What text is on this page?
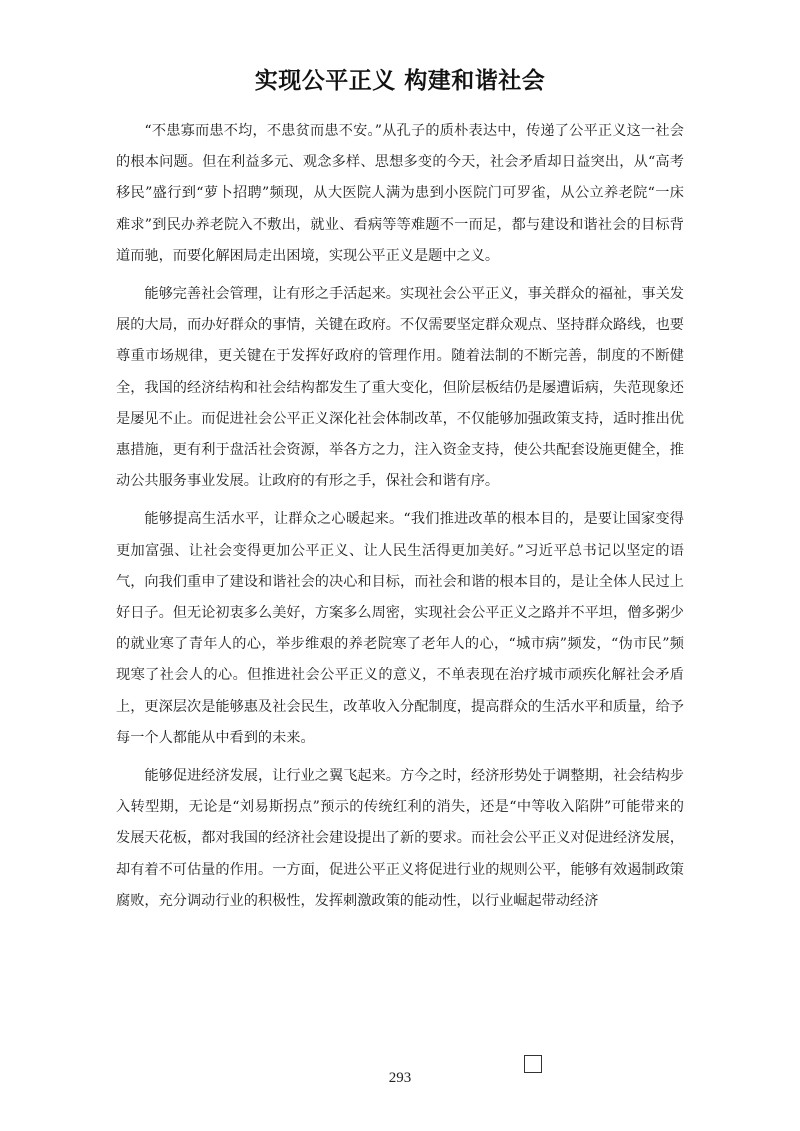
实现公平正义 构建和谐社会

“不患寡而患不均，不患贫而患不安。”从孔子的质朴表达中，传递了公平正义这一社会的根本问题。但在利益多元、观念多样、思想多变的今天，社会矛盾却日益突出，从“高考移民”盛行到“萝卜招聘”频现，从大医院人满为患到小医院门可罗雀，从公立养老院“一床难求”到民办养老院入不敷出，就业、看病等等难题不一而足，都与建设和谐社会的目标背道而驰，而要化解困局走出困境，实现公平正义是题中之义。

能够完善社会管理，让有形之手活起来。实现社会公平正义，事关群众的福祉，事关发展的大局，而办好群众的事情，关键在政府。不仅需要坚定群众观点、坚持群众路线，也要尊重市场规律，更关键在于发挥好政府的管理作用。随着法制的不断完善，制度的不断健全，我国的经济结构和社会结构都发生了重大变化，但阶层板结仍是屡遭诟病，失范现象还是屡见不止。而促进社会公平正义深化社会体制改革，不仅能够加强政策支持，适时推出优惠措施，更有利于盘活社会资源，举各方之力，注入资金支持，使公共配套设施更健全，推动公共服务事业发展。让政府的有形之手，保社会和谐有序。

能够提高生活水平，让群众之心暖起来。“我们推进改革的根本目的，是要让国家变得更加富强、让社会变得更加公平正义、让人民生活得更加美好。”习近平总书记以坚定的语气，向我们重申了建设和谐社会的决心和目标，而社会和谐的根本目的，是让全体人民过上好日子。但无论初衷多么美好，方案多么周密，实现社会公平正义之路并不平坦，僧多粥少的就业寒了青年人的心，举步维艰的养老院寒了老年人的心，“城市病”频发，“伪市民”频现寒了社会人的心。但推进社会公平正义的意义，不单表现在治疗城市顽疾化解社会矛盾上，更深层次是能够惠及社会民生，改革收入分配制度，提高群众的生活水平和质量，给予每一个人都能从中看到的未来。

能够促进经济发展，让行业之翼飞起来。方今之时，经济形势处于调整期，社会结构步入转型期，无论是“刘易斯拐点”预示的传统红利的消失，还是“中等收入陷阱”可能带来的发展天花板，都对我国的经济社会建设提出了新的要求。而社会公平正义对促进经济发展，却有着不可估量的作用。一方面，促进公平正义将促进行业的规则公平，能够有效遏制政策腐败，充分调动行业的积极性，发挥刺激政策的能动性，以行业崛起带动经济

293
